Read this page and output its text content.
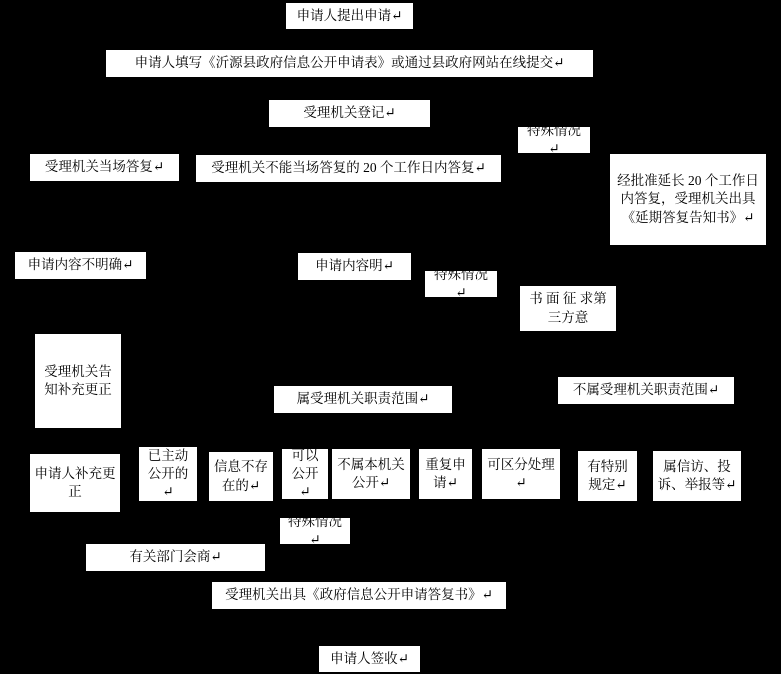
申请人提出申请↵
申请人填写《沂源县政府信息公开申请表》或通过县政府网站在线提交↵
受理机关登记↵
特殊情况↵
受理机关当场答复↵	受理机关不能当场答复的 20 个工作日内答复↵
经批准延长 20 个工作日内答复，受理机关出具《延期答复告知书》↵
申请内容不明确↵	申请内容明↵
特殊情况↵	书 面 征 求第三方意
受理机关告知补充更正
属受理机关职责范围↵
不属受理机关职责范围↵
申请人补充更正
已主动公开的↵
信息不存在的↵
可以公开↵
不属本机关公开↵
重复申请↵
可区分处理↵
有特别规定↵
属信访、投诉、举报等↵
特殊情况↵
有关部门会商↵
受理机关出具《政府信息公开申请答复书》↵
申请人签收↵
